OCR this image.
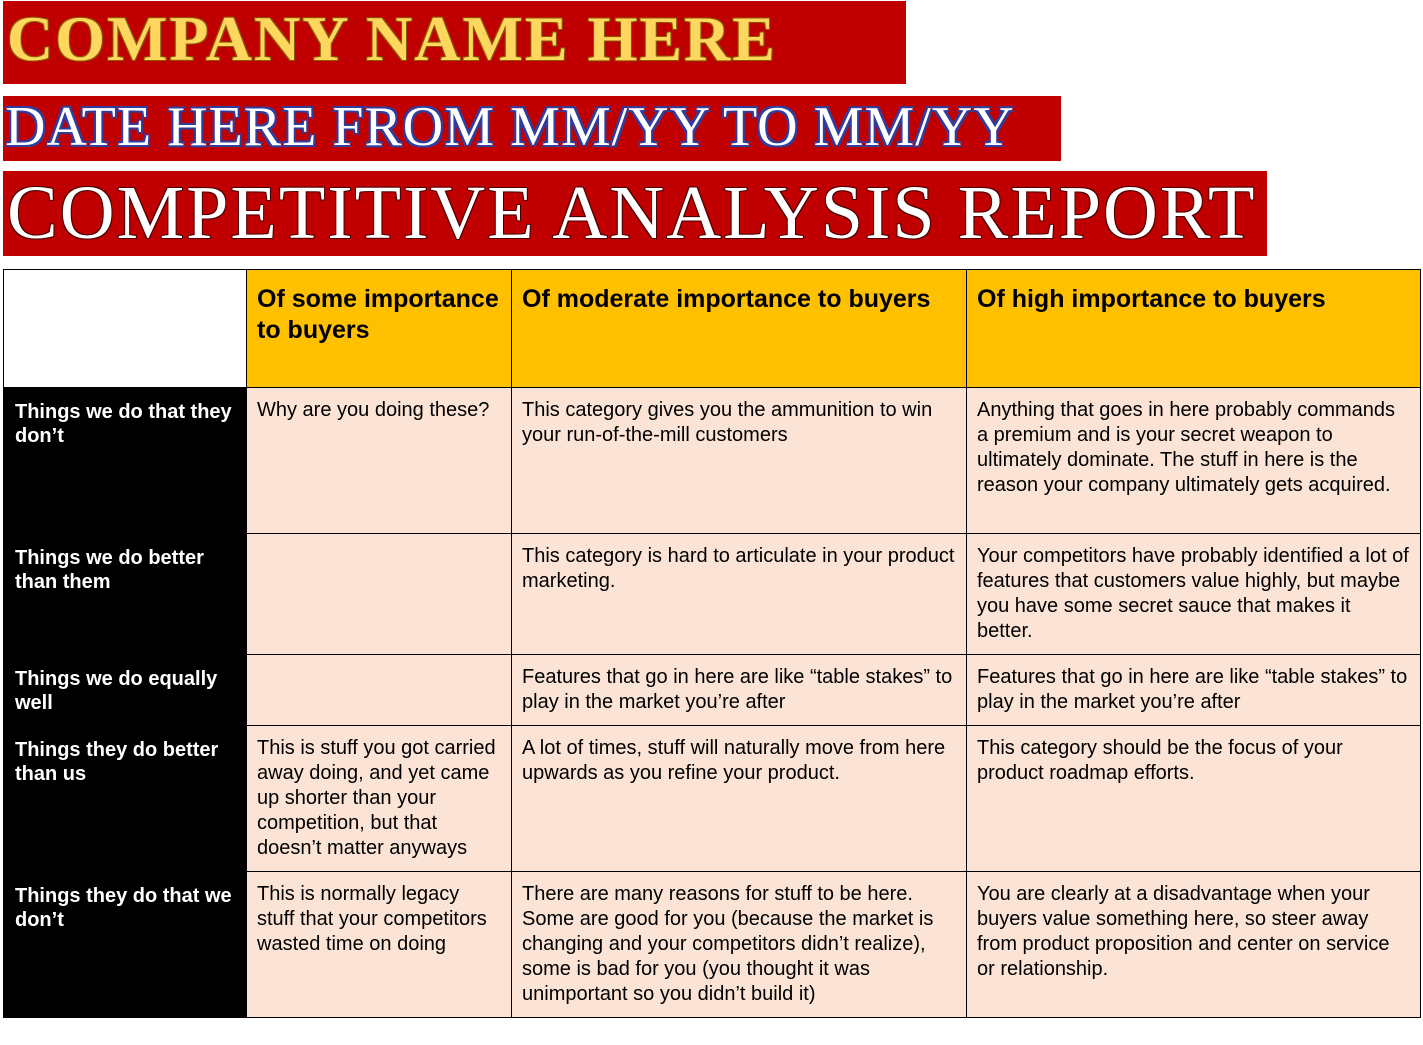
COMPANY NAME HERE
DATE HERE FROM MM/YY TO MM/YY
COMPETITIVE ANALYSIS REPORT
	Of some importance to buyers	Of moderate importance to buyers	Of high importance to buyers
Things we do that they don’t	Why are you doing these?	This category gives you the ammunition to win your run-of-the-mill customers	Anything that goes in here probably commands a premium and is your secret weapon to ultimately dominate. The stuff in here is the reason your company ultimately gets acquired.
Things we do better than them		This category is hard to articulate in your product marketing.	Your competitors have probably identified a lot of features that customers value highly, but maybe you have some secret sauce that makes it better.
Things we do equally well		Features that go in here are like “table stakes” to play in the market you’re after	Features that go in here are like “table stakes” to play in the market you’re after
Things they do better than us	This is stuff you got carried away doing, and yet came up shorter than your competition, but that doesn’t matter anyways	A lot of times, stuff will naturally move from here upwards as you refine your product.	This category should be the focus of your product roadmap efforts.
Things they do that we don’t	This is normally legacy stuff that your competitors wasted time on doing	There are many reasons for stuff to be here. Some are good for you (because the market is changing and your competitors didn’t realize), some is bad for you (you thought it was unimportant so you didn’t build it)	You are clearly at a disadvantage when your buyers value something here, so steer away from product proposition and center on service or relationship.
